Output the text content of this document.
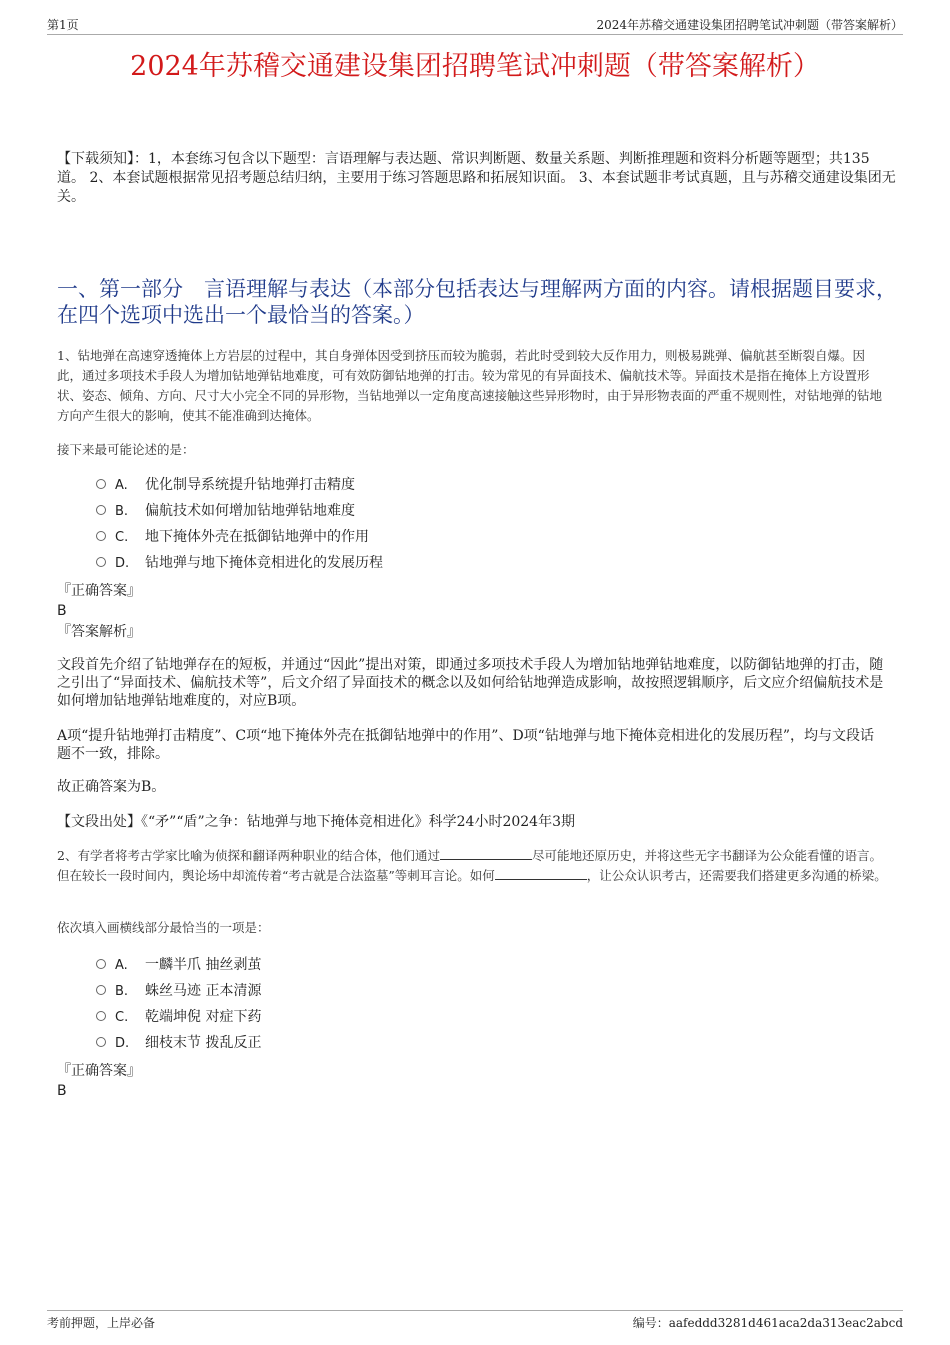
第1页	2024年苏稽交通建设集团招聘笔试冲刺题（带答案解析）
2024年苏稽交通建设集团招聘笔试冲刺题（带答案解析）
【下载须知】：1，本套练习包含以下题型：言语理解与表达题、常识判断题、数量关系题、判断推理题和资料分析题等题型；共135道。 2、本套试题根据常见招考题总结归纳，主要用于练习答题思路和拓展知识面。 3、本套试题非考试真题，且与苏稽交通建设集团无关。
一、第一部分　言语理解与表达（本部分包括表达与理解两方面的内容。请根据题目要求，在四个选项中选出一个最恰当的答案。）
1、钻地弹在高速穿透掩体上方岩层的过程中，其自身弹体因受到挤压而较为脆弱，若此时受到较大反作用力，则极易跳弹、偏航甚至断裂自爆。因此，通过多项技术手段人为增加钻地弹钻地难度，可有效防御钻地弹的打击。较为常见的有异面技术、偏航技术等。异面技术是指在掩体上方设置形状、姿态、倾角、方向、尺寸大小完全不同的异形物，当钻地弹以一定角度高速接触这些异形物时，由于异形物表面的严重不规则性，对钻地弹的钻地方向产生很大的影响，使其不能准确到达掩体。
接下来最可能论述的是：
A. 优化制导系统提升钻地弹打击精度
B. 偏航技术如何增加钻地弹钻地难度
C. 地下掩体外壳在抵御钻地弹中的作用
D. 钻地弹与地下掩体竞相进化的发展历程
『正确答案』
B
『答案解析』
文段首先介绍了钻地弹存在的短板，并通过“因此”提出对策，即通过多项技术手段人为增加钻地弹钻地难度，以防御钻地弹的打击，随之引出了“异面技术、偏航技术等”，后文介绍了异面技术的概念以及如何给钻地弹造成影响，故按照逻辑顺序，后文应介绍偏航技术是如何增加钻地弹钻地难度的，对应B项。
A项“提升钻地弹打击精度”、C项“地下掩体外壳在抵御钻地弹中的作用”、D项“钻地弹与地下掩体竞相进化的发展历程”，均与文段话题不一致，排除。
故正确答案为B。
【文段出处】《“矛”“盾”之争：钻地弹与地下掩体竞相进化》科学24小时2024年3期
2、有学者将考古学家比喻为侦探和翻译两种职业的结合体，他们通过	尽可能地还原历史，并将这些无字书翻译为公众能看懂的语言。但在较长一段时间内，舆论场中却流传着“考古就是合法盗墓”等刺耳言论。如何	，让公众认识考古，还需要我们搭建更多沟通的桥梁。
依次填入画横线部分最恰当的一项是：
A. 一麟半爪 抽丝剥茧
B. 蛛丝马迹 正本清源
C. 乾端坤倪 对症下药
D. 细枝末节 拨乱反正
『正确答案』
B
考前押题，上岸必备	编号：aafeddd3281d461aca2da313eac2abcd
